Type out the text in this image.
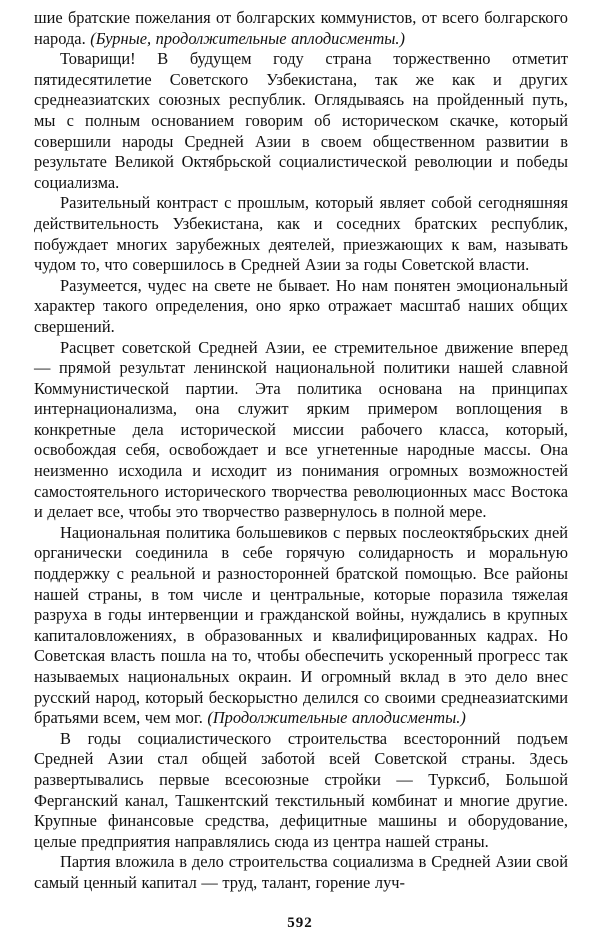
шие братские пожелания от болгарских коммунистов, от всего болгарского народа. (Бурные, продолжительные аплодисменты.)

Товарищи! В будущем году страна торжественно отметит пятидесятилетие Советского Узбекистана, так же как и других среднеазиатских союзных республик. Оглядываясь на пройденный путь, мы с полным основанием говорим об историческом скачке, который совершили народы Средней Азии в своем общественном развитии в результате Великой Октябрьской социалистической революции и победы социализма.

Разительный контраст с прошлым, который являет собой сегодняшняя действительность Узбекистана, как и соседних братских республик, побуждает многих зарубежных деятелей, приезжающих к вам, называть чудом то, что совершилось в Средней Азии за годы Советской власти.

Разумеется, чудес на свете не бывает. Но нам понятен эмоциональный характер такого определения, оно ярко отражает масштаб наших общих свершений.

Расцвет советской Средней Азии, ее стремительное движение вперед — прямой результат ленинской национальной политики нашей славной Коммунистической партии. Эта политика основана на принципах интернационализма, она служит ярким примером воплощения в конкретные дела исторической миссии рабочего класса, который, освобождая себя, освобождает и все угнетенные народные массы. Она неизменно исходила и исходит из понимания огромных возможностей самостоятельного исторического творчества революционных масс Востока и делает все, чтобы это творчество развернулось в полной мере.

Национальная политика большевиков с первых послеоктябрьских дней органически соединила в себе горячую солидарность и моральную поддержку с реальной и разносторонней братской помощью. Все районы нашей страны, в том числе и центральные, которые поразила тяжелая разруха в годы интервенции и гражданской войны, нуждались в крупных капиталовложениях, в образованных и квалифицированных кадрах. Но Советская власть пошла на то, чтобы обеспечить ускоренный прогресс так называемых национальных окраин. И огромный вклад в это дело внес русский народ, который бескорыстно делился со своими среднеазиатскими братьями всем, чем мог. (Продолжительные аплодисменты.)

В годы социалистического строительства всесторонний подъем Средней Азии стал общей заботой всей Советской страны. Здесь развертывались первые всесоюзные стройки — Турксиб, Большой Ферганский канал, Ташкентский текстильный комбинат и многие другие. Крупные финансовые средства, дефицитные машины и оборудование, целые предприятия направлялись сюда из центра нашей страны.

Партия вложила в дело строительства социализма в Средней Азии свой самый ценный капитал — труд, талант, горение луч-

592
